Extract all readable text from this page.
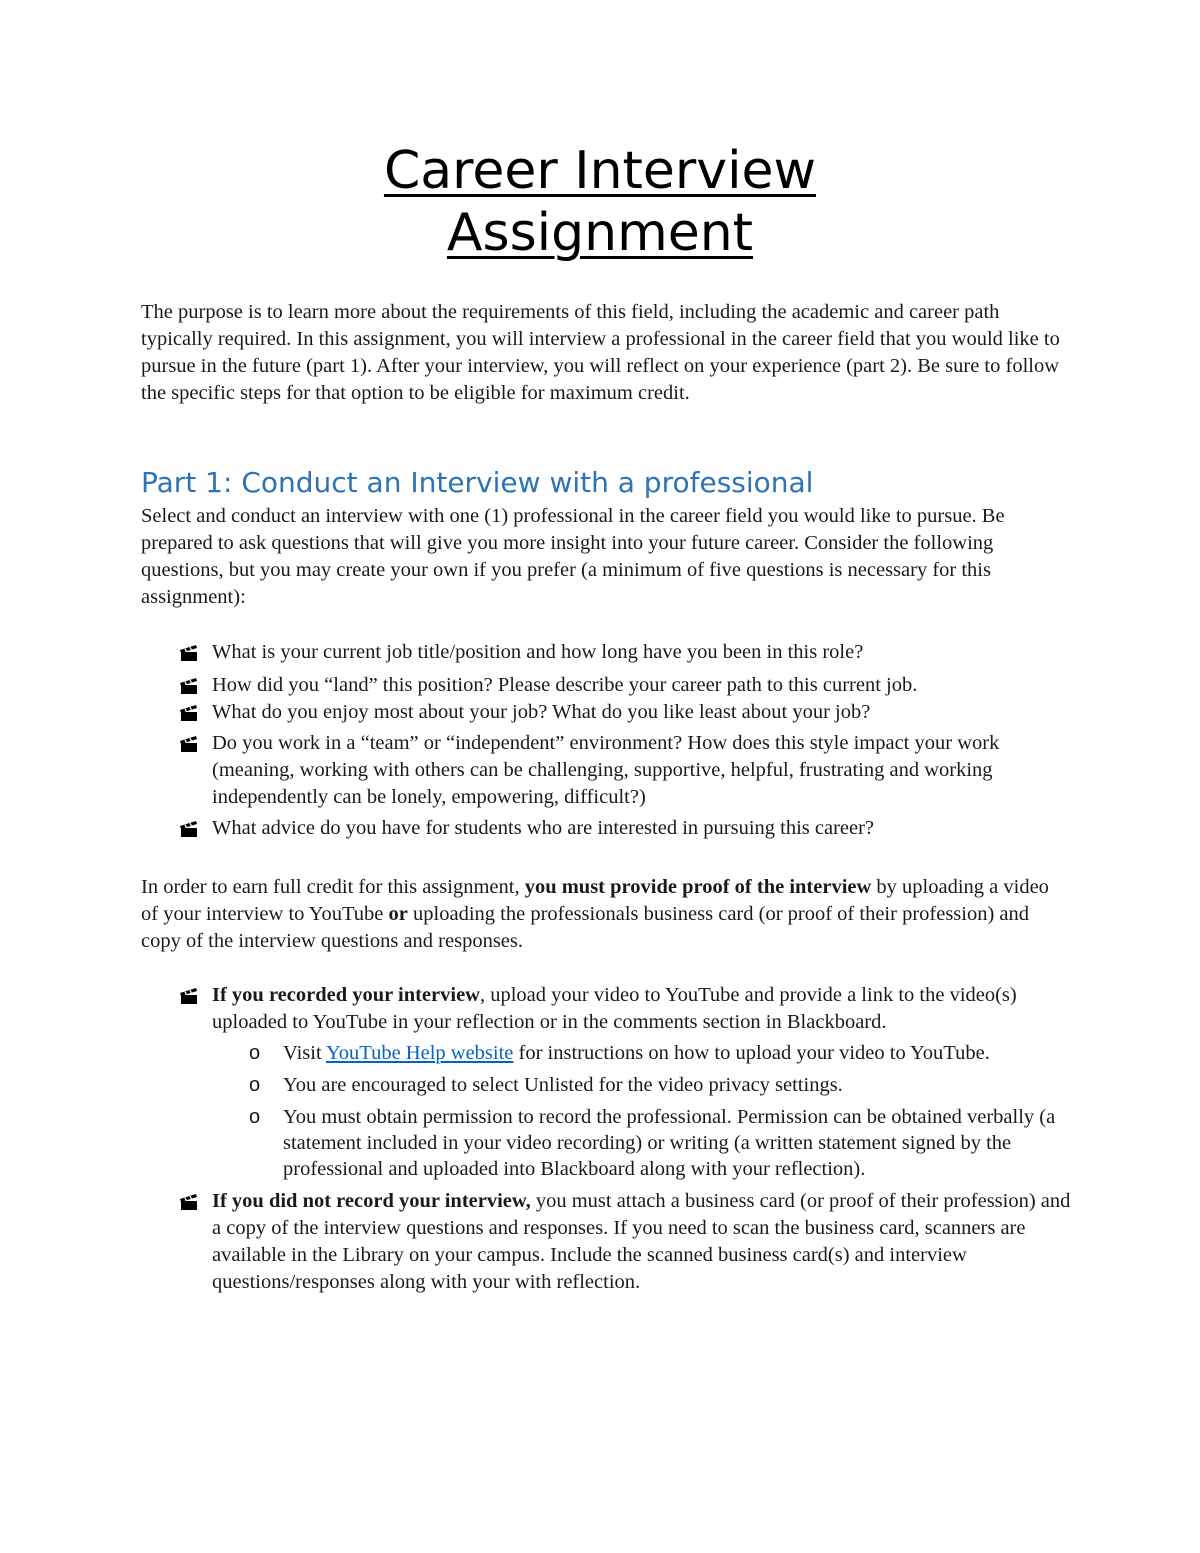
Career Interview
Assignment
The purpose is to learn more about the requirements of this field, including the academic and career path typically required. In this assignment, you will interview a professional in the career field that you would like to pursue in the future (part 1). After your interview, you will reflect on your experience (part 2). Be sure to follow the specific steps for that option to be eligible for maximum credit.
Part 1: Conduct an Interview with a professional
Select and conduct an interview with one (1) professional in the career field you would like to pursue. Be prepared to ask questions that will give you more insight into your future career. Consider the following questions, but you may create your own if you prefer (a minimum of five questions is necessary for this assignment):
What is your current job title/position and how long have you been in this role?
How did you “land” this position? Please describe your career path to this current job.
What do you enjoy most about your job? What do you like least about your job?
Do you work in a “team” or “independent” environment? How does this style impact your work (meaning, working with others can be challenging, supportive, helpful, frustrating and working independently can be lonely, empowering, difficult?)
What advice do you have for students who are interested in pursuing this career?
In order to earn full credit for this assignment, you must provide proof of the interview by uploading a video of your interview to YouTube or uploading the professionals business card (or proof of their profession) and copy of the interview questions and responses.
If you recorded your interview, upload your video to YouTube and provide a link to the video(s) uploaded to YouTube in your reflection or in the comments section in Blackboard.
o Visit YouTube Help website for instructions on how to upload your video to YouTube.
o You are encouraged to select Unlisted for the video privacy settings.
o You must obtain permission to record the professional. Permission can be obtained verbally (a statement included in your video recording) or writing (a written statement signed by the professional and uploaded into Blackboard along with your reflection).
If you did not record your interview, you must attach a business card (or proof of their profession) and a copy of the interview questions and responses. If you need to scan the business card, scanners are available in the Library on your campus. Include the scanned business card(s) and interview questions/responses along with your with reflection.
